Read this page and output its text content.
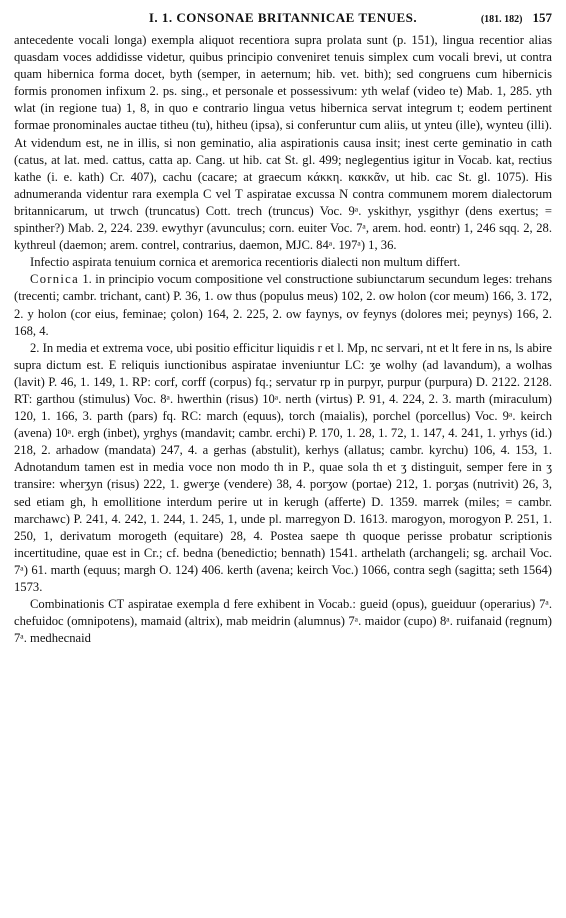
I. 1. CONSONAE BRITANNICAE TENUES.	(181. 182) 157

antecedente vocali longa) exempla aliquot recentiora supra prolata sunt (p. 151), lingua recentior alias quasdam voces addidisse videtur, quibus principio conveniret tenuis simplex cum vocali brevi, ut contra quam hibernica forma docet, byth (semper, in aeternum; hib. vet. bith); sed congruens cum hibernicis formis pronomen infixum 2. ps. sing., et personale et possessivum: yth welaf (video te) Mab. 1, 285. yth wlat (in regione tua) 1, 8, in quo e contrario lingua vetus hibernica servat integrum t; eodem pertinent formae pronominales auctae titheu (tu), hitheu (ipsa), si conferuntur cum aliis, ut ynteu (ille), wynteu (illi). At videndum est, ne in illis, si non geminatio, alia aspirationis causa insit; inest certe geminatio in cath (catus, at lat. med. cattus, catta ap. Cang. ut hib. cat St. gl. 499; neglegentius igitur in Vocab. kat, rectius kathe (i. e. kath) Cr. 407), cachu (cacare; at graecum κάκκη. κακκᾶν, ut hib. cac St. gl. 1075). His adnumeranda videntur rara exempla C vel T aspiratae excussa N contra communem morem dialectorum britannicarum, ut trwch (truncatus) Cott. trech (truncus) Voc. 9ᵃ. yskithyr, ysgithyr (dens exertus; = spinther?) Mab. 2, 224. 239. ewythyr (avunculus; corn. euiter Voc. 7ᵃ, arem. hod. eontr) 1, 246 sqq. 2, 28. kythreul (daemon; arem. contrel, contrarius, daemon, MJC. 84ᵃ. 197ᵃ) 1, 36.

Infectio aspirata tenuium cornica et aremorica recentioris dialecti non multum differt.

Cornica 1. in principio vocum compositione vel constructione subiunctarum secundum leges: trehans (trecenti; cambr. trichant, cant) P. 36, 1. ow thus (populus meus) 102, 2. ow holon (cor meum) 166, 3. 172, 2. y holon (cor eius, feminae; çolon) 164, 2. 225, 2. ow faynys, ov feynys (dolores mei; peynys) 166, 2. 168, 4.

2. In media et extrema voce, ubi positio efficitur liquidis r et l. Mp, nc servari, nt et lt fere in ns, ls abire supra dictum est. E reliquis iunctionibus aspiratae inveniuntur LC: ʒe wolhy (ad lavandum), a wolhas (lavit) P. 46, 1. 149, 1. RP: corf, corff (corpus) fq.; servatur rp in purpyr, purpur (purpura) D. 2122. 2128. RT: garthou (stimulus) Voc. 8ᵃ. hwerthin (risus) 10ᵃ. nerth (virtus) P. 91, 4. 224, 2. 3. marth (miraculum) 120, 1. 166, 3. parth (pars) fq. RC: march (equus), torch (maialis), porchel (porcellus) Voc. 9ᵃ. keirch (avena) 10ᵃ. ergh (inbet), yrghys (mandavit; cambr. erchi) P. 170, 1. 28, 1. 72, 1. 147, 4. 241, 1. yrhys (id.) 218, 2. arhadow (mandata) 247, 4. a gerhas (abstulit), kerhys (allatus; cambr. kyrchu) 106, 4. 153, 1. Adnotandum tamen est in media voce non modo th in P., quae sola th et ʒ distinguit, semper fere in ʒ transire: wherʒyn (risus) 222, 1. gwerʒe (vendere) 38, 4. porʒow (portae) 212, 1. porʒas (nutrivit) 26, 3, sed etiam gh, h emollitione interdum perire ut in kerugh (afferte) D. 1359. marrek (miles; = cambr. marchawc) P. 241, 4. 242, 1. 244, 1. 245, 1, unde pl. marregyon D. 1613. marogyon, morogyon P. 251, 1. 250, 1, derivatum morogeth (equitare) 28, 4. Postea saepe th quoque perisse probatur scriptionis incertitudine, quae est in Cr.; cf. bedna (benedictio; bennath) 1541. arthelath (archangeli; sg. archail Voc. 7ᵃ) 61. marth (equus; margh O. 124) 406. kerth (avena; keirch Voc.) 1066, contra segh (sagitta; seth 1564) 1573.

Combinationis CT aspiratae exempla d fere exhibent in Vocab.: gueid (opus), gueiduur (operarius) 7ᵃ. chefuidoc (omnipotens), mamaid (altrix), mab meidrin (alumnus) 7ᵃ. maidor (cupo) 8ᵃ. ruifanaid (regnum) 7ᵃ. medhecnaid
